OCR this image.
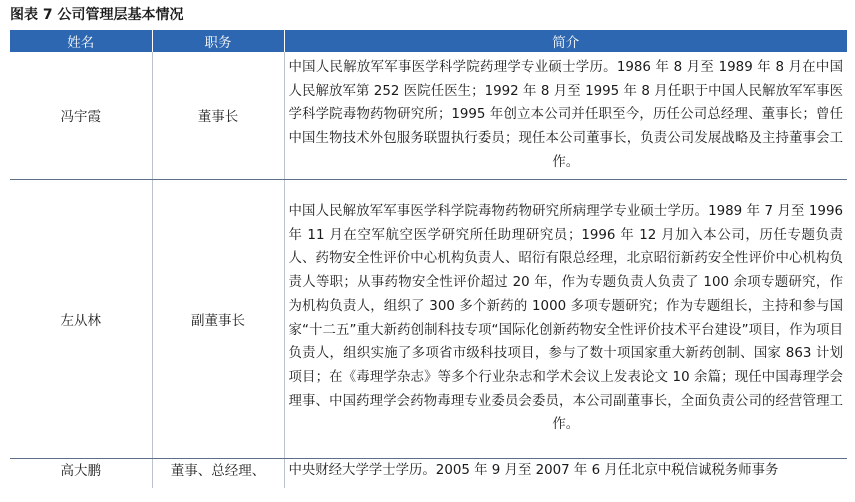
图表 7 公司管理层基本情况
姓名	职务	简介
冯宇霞	董事长	中国人民解放军军事医学科学院药理学专业硕士学历。1986 年 8 月至 1989 年 8 月在中国人民解放军第 252 医院任医生；1992 年 8 月至 1995 年 8 月任职于中国人民解放军军事医学科学院毒物药物研究所；1995 年创立本公司并任职至今，历任公司总经理、董事长；曾任中国生物技术外包服务联盟执行委员；现任本公司董事长，负责公司发展战略及主持董事会工作。
左从林	副董事长	中国人民解放军军事医学科学院毒物药物研究所病理学专业硕士学历。1989 年 7 月至 1996 年 11 月在空军航空医学研究所任助理研究员；1996 年 12 月加入本公司，历任专题负责人、药物安全性评价中心机构负责人、昭衍有限总经理，北京昭衍新药安全性评价中心机构负责人等职；从事药物安全性评价超过 20 年，作为专题负责人负责了 100 余项专题研究，作为机构负责人，组织了 300 多个新药的 1000 多项专题研究；作为专题组长，主持和参与国家“十二五”重大新药创制科技专项“国际化创新药物安全性评价技术平台建设”项目，作为项目负责人，组织实施了多项省市级科技项目，参与了数十项国家重大新药创制、国家 863 计划项目；在《毒理学杂志》等多个行业杂志和学术会议上发表论文 10 余篇；现任中国毒理学会理事、中国药理学会药物毒理专业委员会委员，本公司副董事长，全面负责公司的经营管理工作。
高大鹏	董事、总经理、	中央财经大学学士学历。2005 年 9 月至 2007 年 6 月任北京中税信诚税务师事务
